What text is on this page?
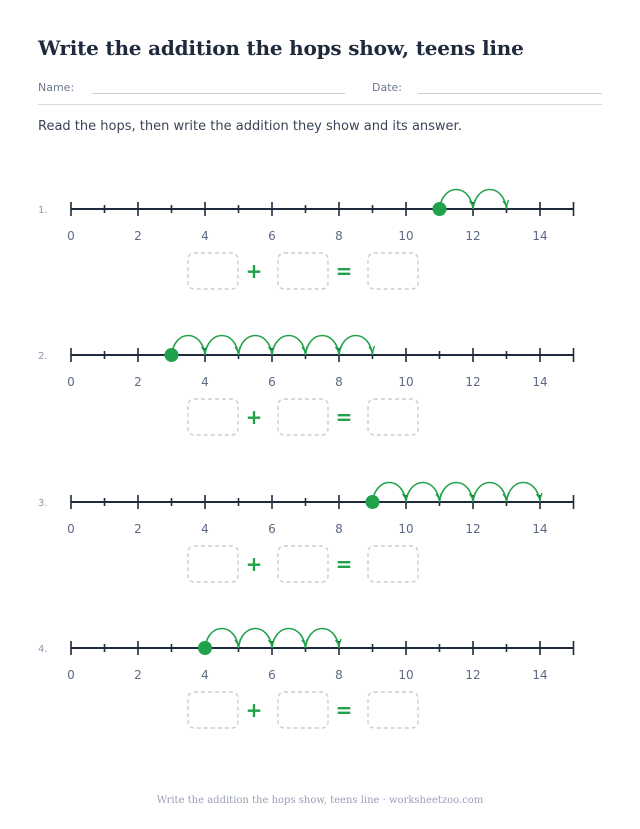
Write the addition the hops show, teens line
Name:	Date:
Read the hops, then write the addition they show and its answer.
1.
0	2	4	6	8	10	12	14
2.
0	2	4	6	8	10	12	14
3.
0	2	4	6	8	10	12	14
4.
0	2	4	6	8	10	12	14
+	=
+	=
+	=
+	=
Write the addition the hops show, teens line · worksheetzoo.com
